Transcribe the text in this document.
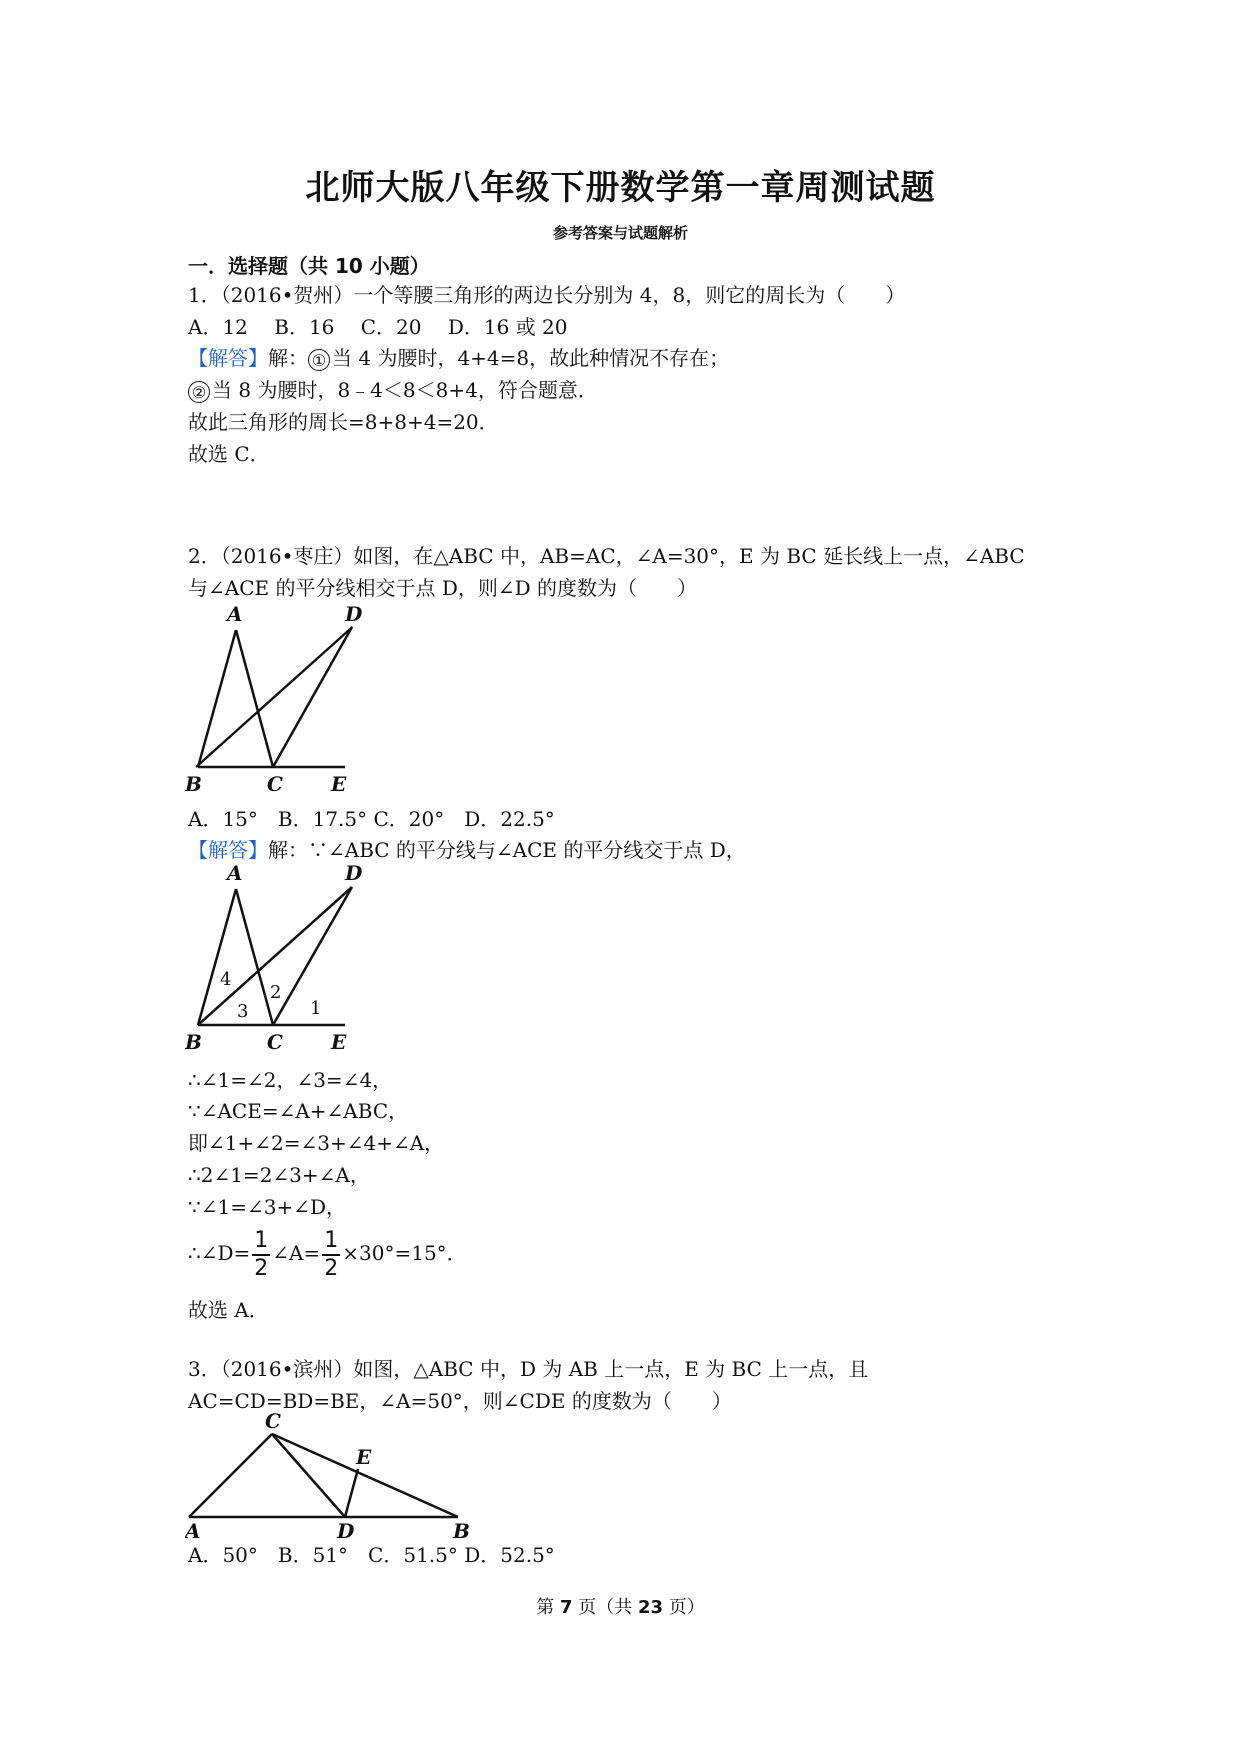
北师大版八年级下册数学第一章周测试题
参考答案与试题解析
一．选择题（共 10 小题）
1．（2016•贺州）一个等腰三角形的两边长分别为 4，8，则它的周长为（　　）
A．12　 B．16　 C．20　 D．16 或 20
【解答】解： ① 当 4 为腰时，4+4=8，故此种情况不存在；
② 当 8 为腰时，8﹣4＜8＜8+4，符合题意．
故此三角形的周长=8+8+4=20．
故选 C．
2．（2016•枣庄）如图，在△ABC 中，AB=AC，∠A=30°，E 为 BC 延长线上一点，∠ABC
与∠ACE 的平分线相交于点 D，则∠D 的度数为（　　）
A	D
B	C E
A．15°　B．17.5° C．20°　D．22.5°
【解答】解：∵∠ABC 的平分线与∠ACE 的平分线交于点 D，
A	D
B	C E
4
2
3	1
∴∠1=∠2，∠3=∠4，
∵∠ACE=∠A+∠ABC，
即∠1+∠2=∠3+∠4+∠A，
∴2∠1=2∠3+∠A，
∵∠1=∠3+∠D，
∴∠D= $\frac{1}{2}$ ∠A= $\frac{1}{2} \times 30^\circ=15^\circ$．
故选 A．
3．（2016•滨州）如图，△ABC 中，D 为 AB 上一点，E 为 BC 上一点，且
AC=CD=BD=BE，∠A=50°，则∠CDE 的度数为（　　）
C
E
A	D	B
A．50°　B．51°　C．51.5° D．52.5°
第 7 页（共 23 页）
